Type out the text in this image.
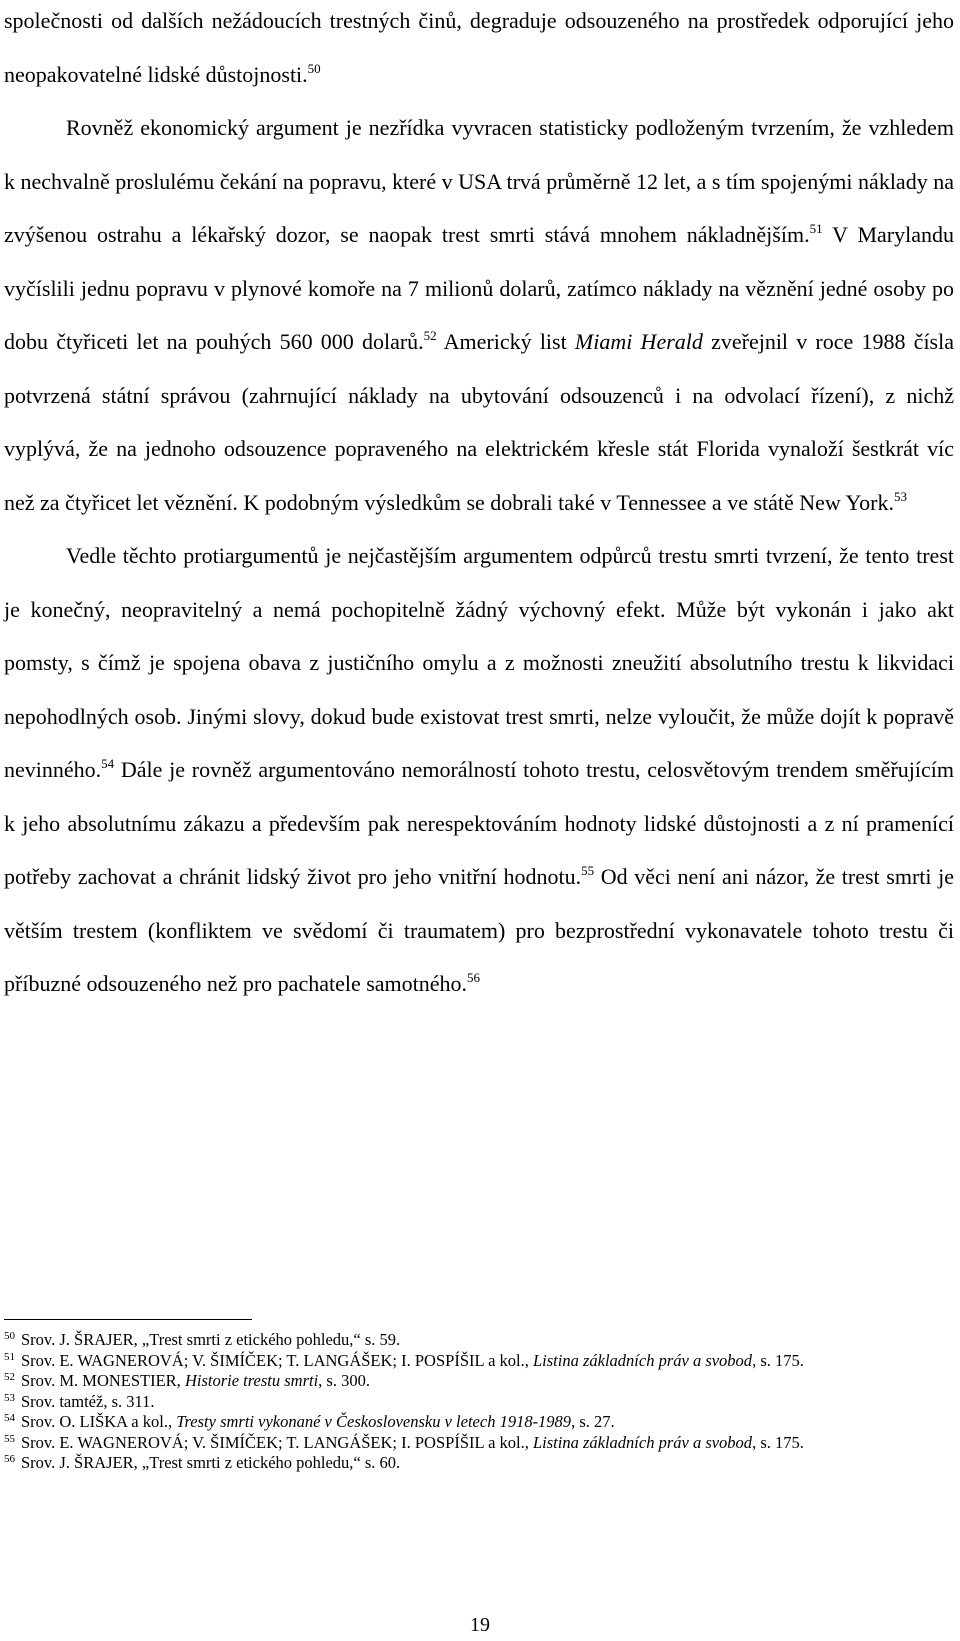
společnosti od dalších nežádoucích trestných činů, degraduje odsouzeného na prostředek odporující jeho neopakovatelné lidské důstojnosti.$^{50}$

Rovněž ekonomický argument je nezřídka vyvracen statisticky podloženým tvrzením, že vzhledem k nechvalně proslulému čekání na popravu, které v USA trvá průměrně 12 let, a s tím spojenými náklady na zvýšenou ostrahu a lékařský dozor, se naopak trest smrti stává mnohem nákladnějším.$^{51}$ V Marylandu vyčíslili jednu popravu v plynové komoře na 7 milionů dolarů, zatímco náklady na věznění jedné osoby po dobu čtyřiceti let na pouhých 560 000 dolarů.$^{52}$ Americký list Miami Herald zveřejnil v roce 1988 čísla potvrzená státní správou (zahrnující náklady na ubytování odsouzenců i na odvolací řízení), z nichž vyplývá, že na jednoho odsouzence popraveného na elektrickém křesle stát Florida vynaloží šestkrát víc než za čtyřicet let věznění. K podobným výsledkům se dobrali také v Tennessee a ve státě New York.$^{53}$

Vedle těchto protiargumentů je nejčastějším argumentem odpůrců trestu smrti tvrzení, že tento trest je konečný, neopravitelný a nemá pochopitelně žádný výchovný efekt. Může být vykonán i jako akt pomsty, s čímž je spojena obava z justičního omylu a z možnosti zneužití absolutního trestu k likvidaci nepohodlných osob. Jinými slovy, dokud bude existovat trest smrti, nelze vyloučit, že může dojít k popravě nevinného.$^{54}$ Dále je rovněž argumentováno nemorálností tohoto trestu, celosvětovým trendem směřujícím k jeho absolutnímu zákazu a především pak nerespektováním hodnoty lidské důstojnosti a z ní pramenící potřeby zachovat a chránit lidský život pro jeho vnitřní hodnotu.$^{55}$ Od věci není ani názor, že trest smrti je větším trestem (konfliktem ve svědomí či traumatem) pro bezprostřední vykonavatele tohoto trestu či příbuzné odsouzeného než pro pachatele samotného.$^{56}$

$^{50}$ Srov. J. ŠRAJER, „Trest smrti z etického pohledu,“ s. 59.
$^{51}$ Srov. E. WAGNEROVÁ; V. ŠIMÍČEK; T. LANGÁŠEK; I. POSPÍŠIL a kol., Listina základních práv a svobod, s. 175.
$^{52}$ Srov. M. MONESTIER, Historie trestu smrti, s. 300.
$^{53}$ Srov. tamtéž, s. 311.
$^{54}$ Srov. O. LIŠKA a kol., Tresty smrti vykonané v Československu v letech 1918-1989, s. 27.
$^{55}$ Srov. E. WAGNEROVÁ; V. ŠIMÍČEK; T. LANGÁŠEK; I. POSPÍŠIL a kol., Listina základních práv a svobod, s. 175.
$^{56}$ Srov. J. ŠRAJER, „Trest smrti z etického pohledu,“ s. 60.
19
